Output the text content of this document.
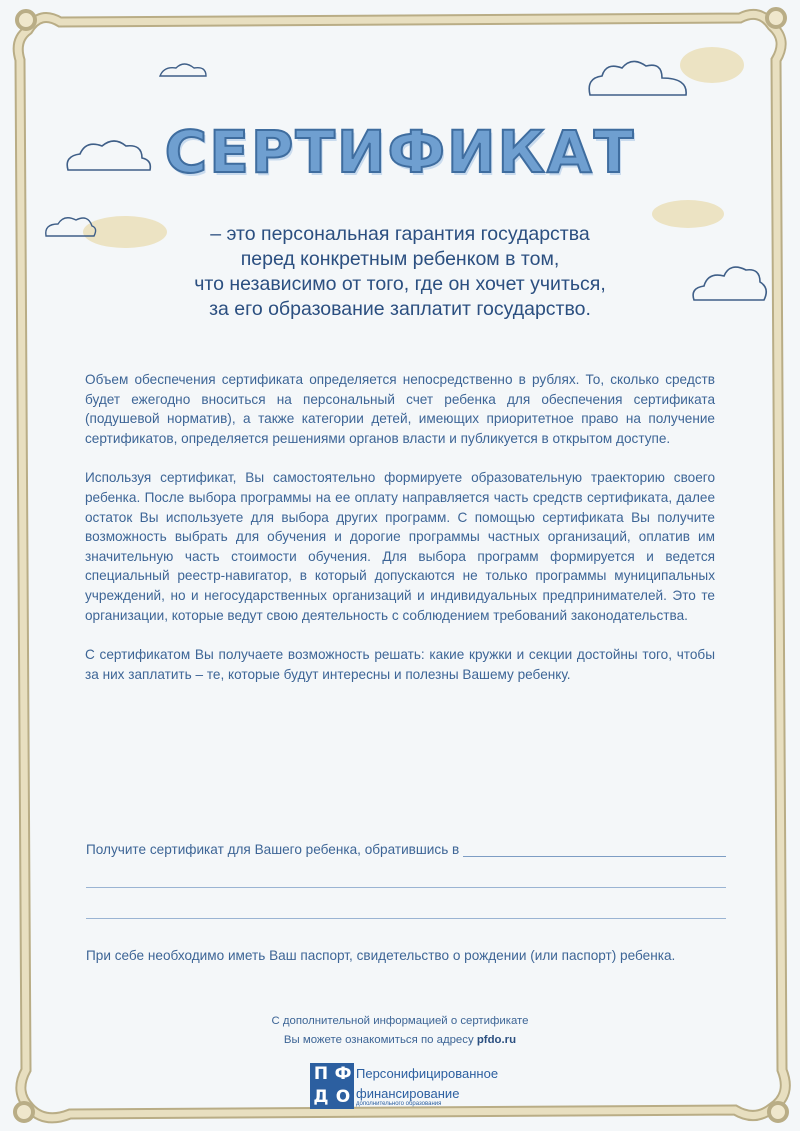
СЕРТИФИКАТ
– это персональная гарантия государства
перед конкретным ребенком в том,
что независимо от того, где он хочет учиться,
за его образование заплатит государство.

Объем обеспечения сертификата определяется непосредственно в рублях. То, сколько средств будет ежегодно вноситься на персональный счет ребенка для обеспечения сертификата (подушевой норматив), а также категории детей, имеющих приоритетное право на получение сертификатов, определяется решениями органов власти и публикуется в открытом доступе.

Используя сертификат, Вы самостоятельно формируете образовательную траекторию своего ребенка. После выбора программы на ее оплату направляется часть средств сертификата, далее остаток Вы используете для выбора других программ. С помощью сертификата Вы получите возможность выбрать для обучения и дорогие программы частных организаций, оплатив им значительную часть стоимости обучения. Для выбора программ формируется и ведется специальный реестр-навигатор, в который допускаются не только программы муниципальных учреждений, но и негосударственных организаций и индивидуальных предпринимателей. Это те организации, которые ведут свою деятельность с соблюдением требований законодательства.

С сертификатом Вы получаете возможность решать: какие кружки и секции достойны того, чтобы за них заплатить – те, которые будут интересны и полезны Вашему ребенку.

Получите сертификат для Вашего ребенка, обратившись в
При себе необходимо иметь Ваш паспорт, свидетельство о рождении (или паспорт) ребенка.
С дополнительной информацией о сертификате
Вы можете ознакомиться по адресу pfdo.ru
П Ф
Д О
Персонифицированное
финансирование
дополнительного образования
